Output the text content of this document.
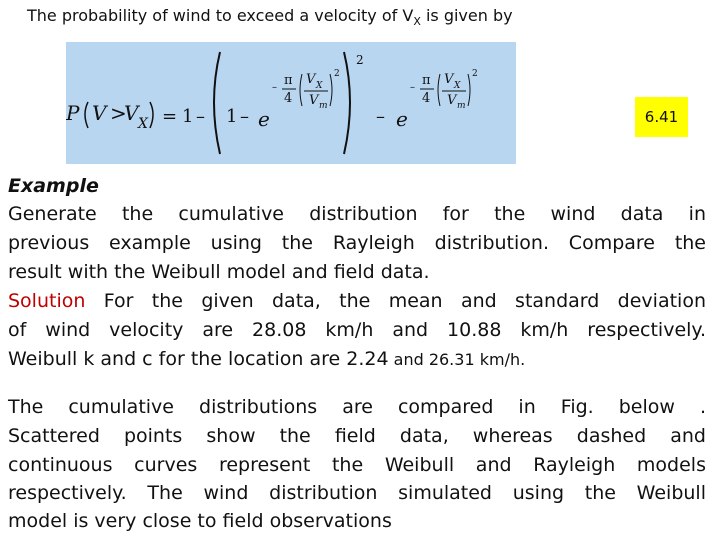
The probability of wind to exceed a velocity of $V_X$ is given by
P V >
V X = 1 – 1 – e
– π
4
V X
V m
2
2
– e
– π
4
V X
V m
2
6.41
Example
Generate the cumulative distribution for the wind data in
previous example using the Rayleigh distribution. Compare the
result with the Weibull model and field data.
Solution For the given data, the mean and standard deviation
of wind velocity are 28.08 km/h and 10.88 km/h respectively.
Weibull k and c for the location are 2.24 and 26.31 km/h.
The cumulative distributions are compared in Fig. below .
Scattered points show the field data, whereas dashed and
continuous curves represent the Weibull and Rayleigh models
respectively. The wind distribution simulated using the Weibull
model is very close to field observations
